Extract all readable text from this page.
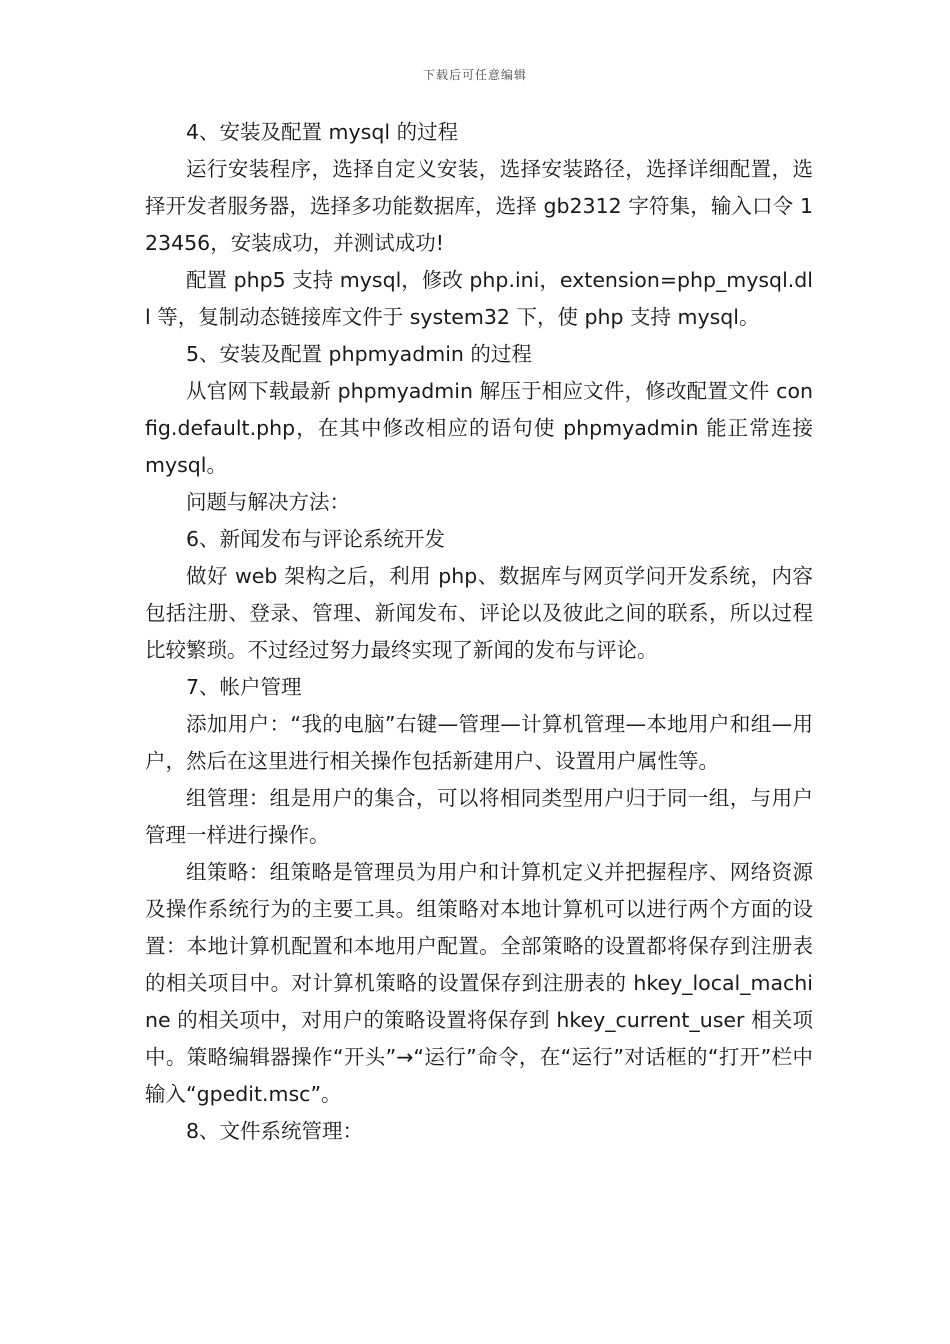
下载后可任意编辑

4、安装及配置 mysql 的过程

运行安装程序，选择自定义安装，选择安装路径，选择详细配置，选择开发者服务器，选择多功能数据库，选择 gb2312 字符集，输入口令 123456，安装成功，并测试成功!

配置 php5 支持 mysql，修改 php.ini，extension=php_mysql.dll 等，复制动态链接库文件于 system32 下，使 php 支持 mysql。

5、安装及配置 phpmyadmin 的过程

从官网下载最新 phpmyadmin 解压于相应文件，修改配置文件 config.default.php，在其中修改相应的语句使 phpmyadmin 能正常连接 mysql。

问题与解决方法：

6、新闻发布与评论系统开发

做好 web 架构之后，利用 php、数据库与网页学问开发系统，内容包括注册、登录、管理、新闻发布、评论以及彼此之间的联系，所以过程比较繁琐。不过经过努力最终实现了新闻的发布与评论。

7、帐户管理

添加用户：“我的电脑”右键—管理—计算机管理—本地用户和组—用户，然后在这里进行相关操作包括新建用户、设置用户属性等。

组管理：组是用户的集合，可以将相同类型用户归于同一组，与用户管理一样进行操作。

组策略：组策略是管理员为用户和计算机定义并把握程序、网络资源及操作系统行为的主要工具。组策略对本地计算机可以进行两个方面的设置：本地计算机配置和本地用户配置。全部策略的设置都将保存到注册表的相关项目中。对计算机策略的设置保存到注册表的 hkey_local_machine 的相关项中，对用户的策略设置将保存到 hkey_current_user 相关项中。策略编辑器操作“开头”→“运行”命令，在“运行”对话框的“打开”栏中输入“gpedit.msc”。

8、文件系统管理：
